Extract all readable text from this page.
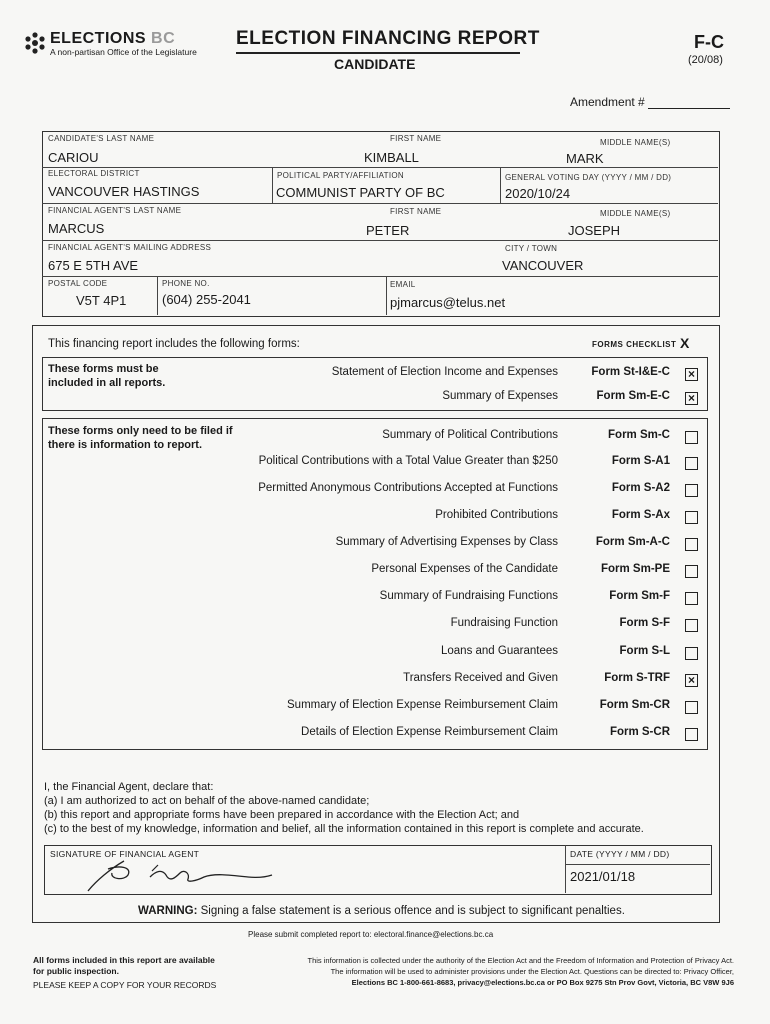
ELECTIONS BC
A non-partisan Office of the Legislature
ELECTION FINANCING REPORT
CANDIDATE
F-C
(20/08)
Amendment #
CANDIDATE'S LAST NAME
CARIOU
FIRST NAME
KIMBALL
MIDDLE NAME(S)
MARK
ELECTORAL DISTRICT
VANCOUVER HASTINGS
POLITICAL PARTY/AFFILIATION
COMMUNIST PARTY OF BC
GENERAL VOTING DAY (YYYY / MM / DD)
2020/10/24
FINANCIAL AGENT'S LAST NAME
MARCUS
FIRST NAME
PETER
MIDDLE NAME(S)
JOSEPH
FINANCIAL AGENT'S MAILING ADDRESS
675 E 5TH AVE
CITY / TOWN
VANCOUVER
POSTAL CODE
V5T 4P1
PHONE NO.
(604) 255-2041
EMAIL
pjmarcus@telus.net
This financing report includes the following forms:	FORMS CHECKLIST X
These forms must be included in all reports.
These forms only need to be filed if there is information to report.
Statement of Election Income and Expenses	Form St-I&E-C ×
Summary of Expenses	Form Sm-E-C ×
Summary of Political Contributions	Form Sm-C
Political Contributions with a Total Value Greater than $250	Form S-A1
Permitted Anonymous Contributions Accepted at Functions	Form S-A2
Prohibited Contributions	Form S-Ax
Summary of Advertising Expenses by Class	Form Sm-A-C
Personal Expenses of the Candidate	Form Sm-PE
Summary of Fundraising Functions	Form Sm-F
Fundraising Function	Form S-F
Loans and Guarantees	Form S-L
Transfers Received and Given	Form S-TRF ×
Summary of Election Expense Reimbursement Claim	Form Sm-CR
Details of Election Expense Reimbursement Claim	Form S-CR
I, the Financial Agent, declare that:
(a) I am authorized to act on behalf of the above-named candidate;
(b) this report and appropriate forms have been prepared in accordance with the Election Act; and
(c) to the best of my knowledge, information and belief, all the information contained in this report is complete and accurate.
SIGNATURE OF FINANCIAL AGENT	DATE (YYYY / MM / DD)
2021/01/18
WARNING: Signing a false statement is a serious offence and is subject to significant penalties.
Please submit completed report to: electoral.finance@elections.bc.ca
All forms included in this report are available
for public inspection.
PLEASE KEEP A COPY FOR YOUR RECORDS
This information is collected under the authority of the Election Act and the Freedom of Information and Protection of Privacy Act.
The information will be used to administer provisions under the Election Act. Questions can be directed to: Privacy Officer,
Elections BC 1-800-661-8683, privacy@elections.bc.ca or PO Box 9275 Stn Prov Govt, Victoria, BC V8W 9J6
